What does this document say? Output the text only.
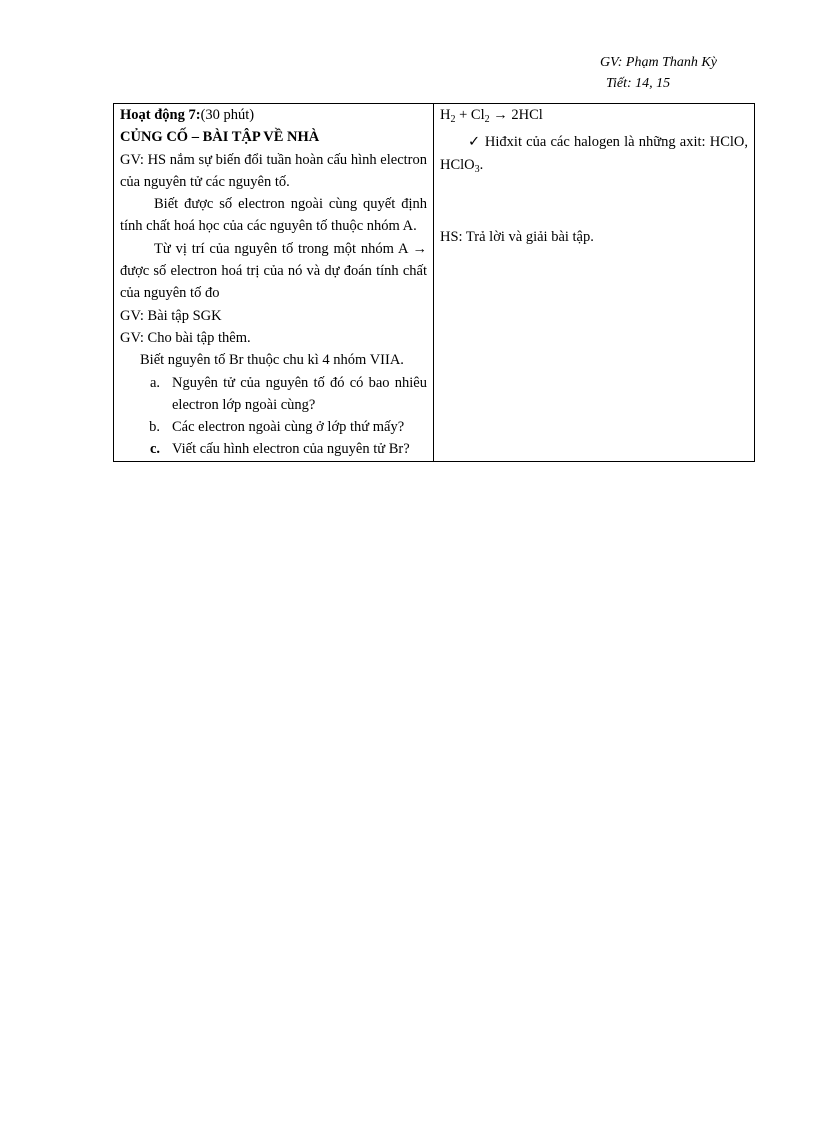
GV: Phạm Thanh Kỳ
Tiết: 14, 15
Hoạt động 7:(30 phút)
CỦNG CỐ – BÀI TẬP VỀ NHÀ
GV: HS nắm sự biến đổi tuần hoàn cấu hình electron của nguyên tử các nguyên tố.
Biết được số electron ngoài cùng quyết định tính chất hoá học của các nguyên tố thuộc nhóm A.
Từ vị trí của nguyên tố trong một nhóm A → được số electron hoá trị của nó và dự đoán tính chất của nguyên tố đo
GV: Bài tập SGK
GV: Cho bài tập thêm.
Biết nguyên tố Br thuộc chu kì 4 nhóm VIIA.
a. Nguyên tử của nguyên tố đó có bao nhiêu electron lớp ngoài cùng?
b. Các electron ngoài cùng ở lớp thứ mấy?
c. Viết cấu hình electron của nguyên tử Br?

$H_2 + Cl_2 \to 2HCl$
✓ Hiđxit của các halogen là những axit: HClO, HClO$_3$.
HS: Trả lời và giải bài tập.
